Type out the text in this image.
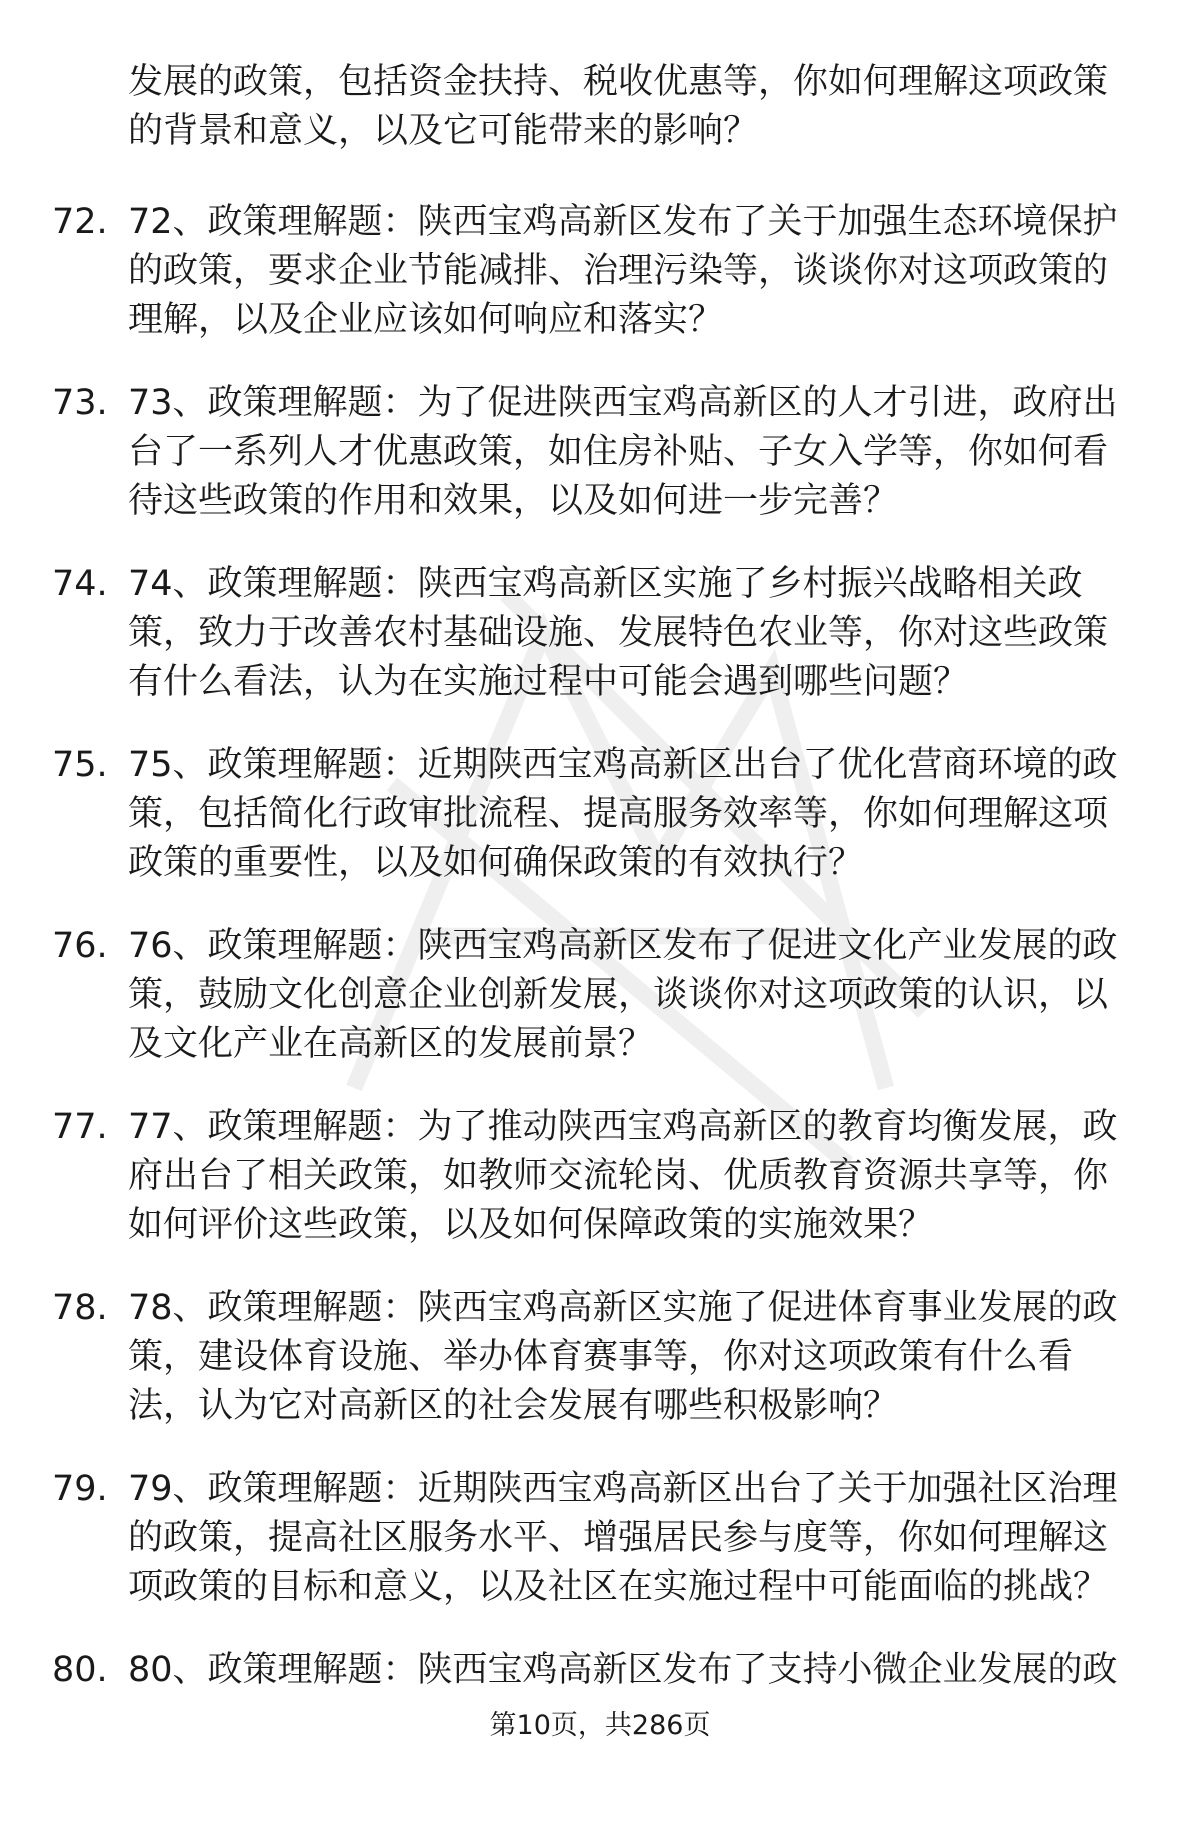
发展的政策，包括资金扶持、税收优惠等，你如何理解这项政策的背景和意义，以及它可能带来的影响？

72. 72、政策理解题：陕西宝鸡高新区发布了关于加强生态环境保护的政策，要求企业节能减排、治理污染等，谈谈你对这项政策的理解，以及企业应该如何响应和落实？

73. 73、政策理解题：为了促进陕西宝鸡高新区的人才引进，政府出台了一系列人才优惠政策，如住房补贴、子女入学等，你如何看待这些政策的作用和效果，以及如何进一步完善？

74. 74、政策理解题：陕西宝鸡高新区实施了乡村振兴战略相关政策，致力于改善农村基础设施、发展特色农业等，你对这些政策有什么看法，认为在实施过程中可能会遇到哪些问题？

75. 75、政策理解题：近期陕西宝鸡高新区出台了优化营商环境的政策，包括简化行政审批流程、提高服务效率等，你如何理解这项政策的重要性，以及如何确保政策的有效执行？

76. 76、政策理解题：陕西宝鸡高新区发布了促进文化产业发展的政策，鼓励文化创意企业创新发展，谈谈你对这项政策的认识，以及文化产业在高新区的发展前景？

77. 77、政策理解题：为了推动陕西宝鸡高新区的教育均衡发展，政府出台了相关政策，如教师交流轮岗、优质教育资源共享等，你如何评价这些政策，以及如何保障政策的实施效果？

78. 78、政策理解题：陕西宝鸡高新区实施了促进体育事业发展的政策，建设体育设施、举办体育赛事等，你对这项政策有什么看法，认为它对高新区的社会发展有哪些积极影响？

79. 79、政策理解题：近期陕西宝鸡高新区出台了关于加强社区治理的政策，提高社区服务水平、增强居民参与度等，你如何理解这项政策的目标和意义，以及社区在实施过程中可能面临的挑战？

80. 80、政策理解题：陕西宝鸡高新区发布了支持小微企业发展的政

第10页，共286页
